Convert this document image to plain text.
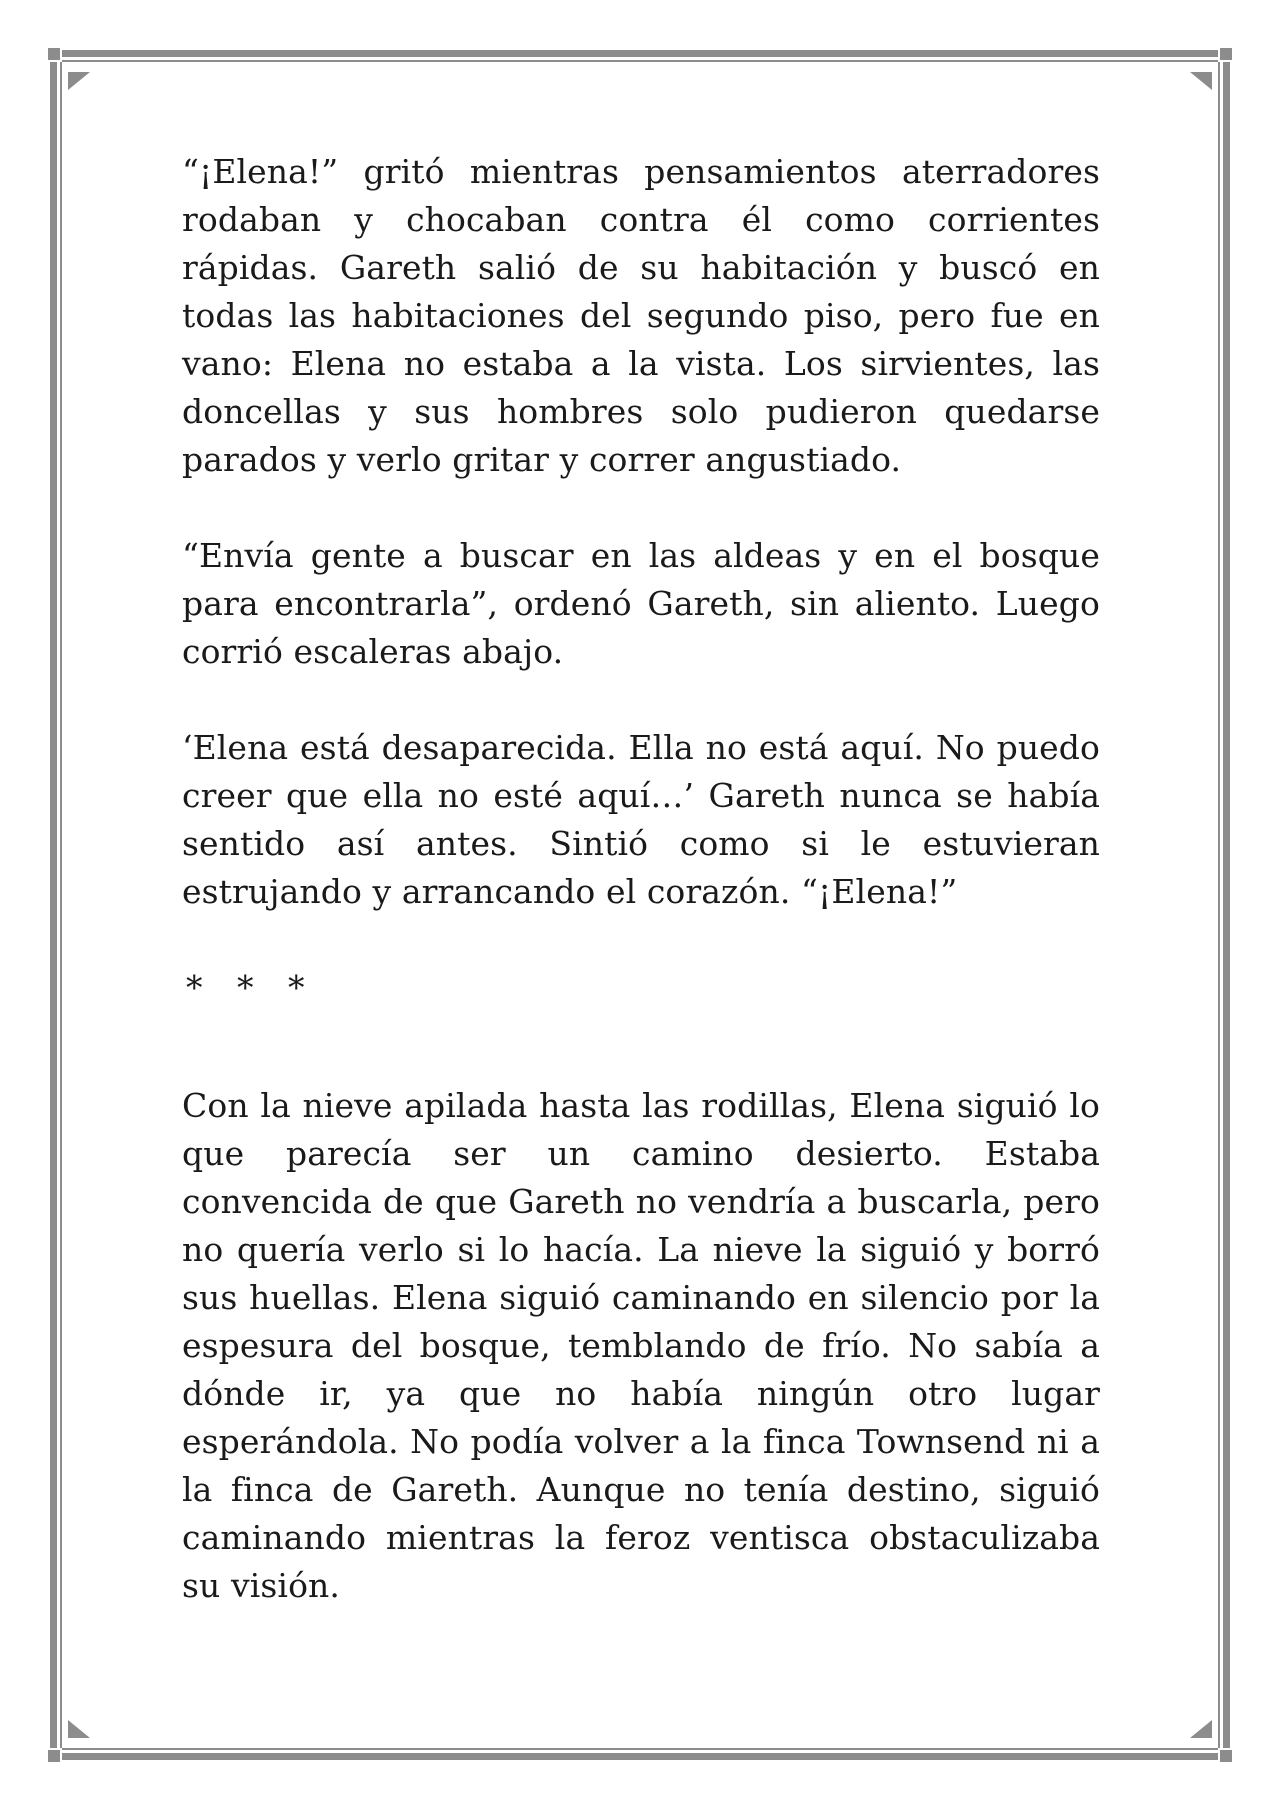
“¡Elena!” gritó mientras pensamientos aterradores rodaban y chocaban contra él como corrientes rápidas. Gareth salió de su habitación y buscó en todas las habitaciones del segundo piso, pero fue en vano: Elena no estaba a la vista. Los sirvientes, las doncellas y sus hombres solo pudieron quedarse parados y verlo gritar y correr angustiado.

“Envía gente a buscar en las aldeas y en el bosque para encontrarla”, ordenó Gareth, sin aliento. Luego corrió escaleras abajo.

‘Elena está desaparecida. Ella no está aquí. No puedo creer que ella no esté aquí…’ Gareth nunca se había sentido así antes. Sintió como si le estuvieran estrujando y arrancando el corazón. “¡Elena!”

* * *

Con la nieve apilada hasta las rodillas, Elena siguió lo que parecía ser un camino desierto. Estaba convencida de que Gareth no vendría a buscarla, pero no quería verlo si lo hacía. La nieve la siguió y borró sus huellas. Elena siguió caminando en silencio por la espesura del bosque, temblando de frío. No sabía a dónde ir, ya que no había ningún otro lugar esperándola. No podía volver a la finca Townsend ni a la finca de Gareth. Aunque no tenía destino, siguió caminando mientras la feroz ventisca obstaculizaba su visión.
